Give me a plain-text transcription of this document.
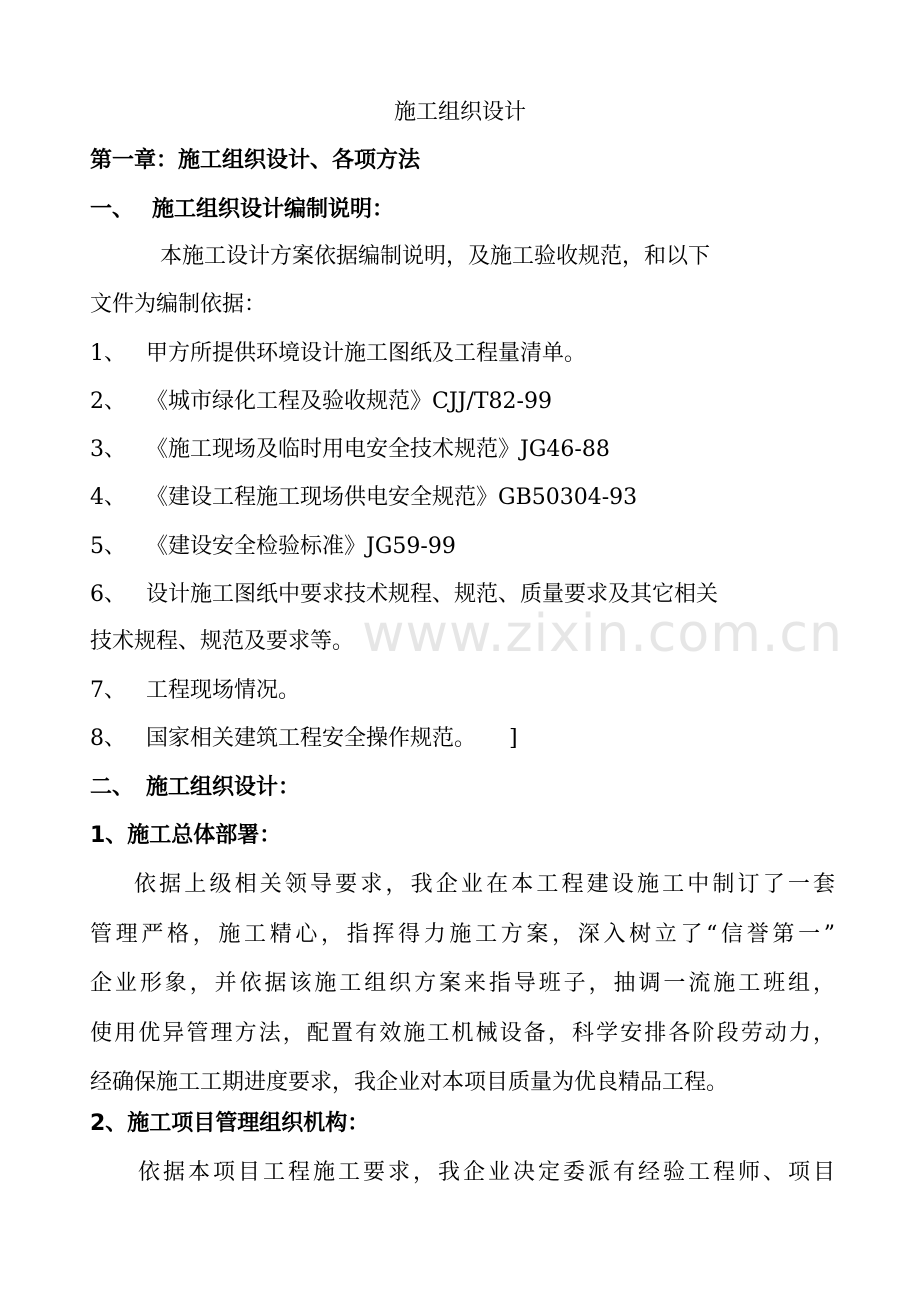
施工组织设计
第一章：施工组织设计、各项方法
一、 施工组织设计编制说明：
本施工设计方案依据编制说明，及施工验收规范，和以下
文件为编制依据：
1、 甲方所提供环境设计施工图纸及工程量清单。
2、 《城市绿化工程及验收规范》CJJ/T82-99
3、 《施工现场及临时用电安全技术规范》JG46-88
4、 《建设工程施工现场供电安全规范》GB50304-93
5、 《建设安全检验标准》JG59-99
6、 设计施工图纸中要求技术规程、规范、质量要求及其它相关
技术规程、规范及要求等。
7、 工程现场情况。
8、 国家相关建筑工程安全操作规范。　　]
二、 施工组织设计：
1、施工总体部署：
依据上级相关领导要求，我企业在本工程建设施工中制订了一套
管理严格，施工精心，指挥得力施工方案，深入树立了“信誉第一”
企业形象，并依据该施工组织方案来指导班子，抽调一流施工班组，
使用优异管理方法，配置有效施工机械设备，科学安排各阶段劳动力，
经确保施工工期进度要求，我企业对本项目质量为优良精品工程。
2、施工项目管理组织机构：
依据本项目工程施工要求，我企业决定委派有经验工程师、项目
www.zixin.com.cn
